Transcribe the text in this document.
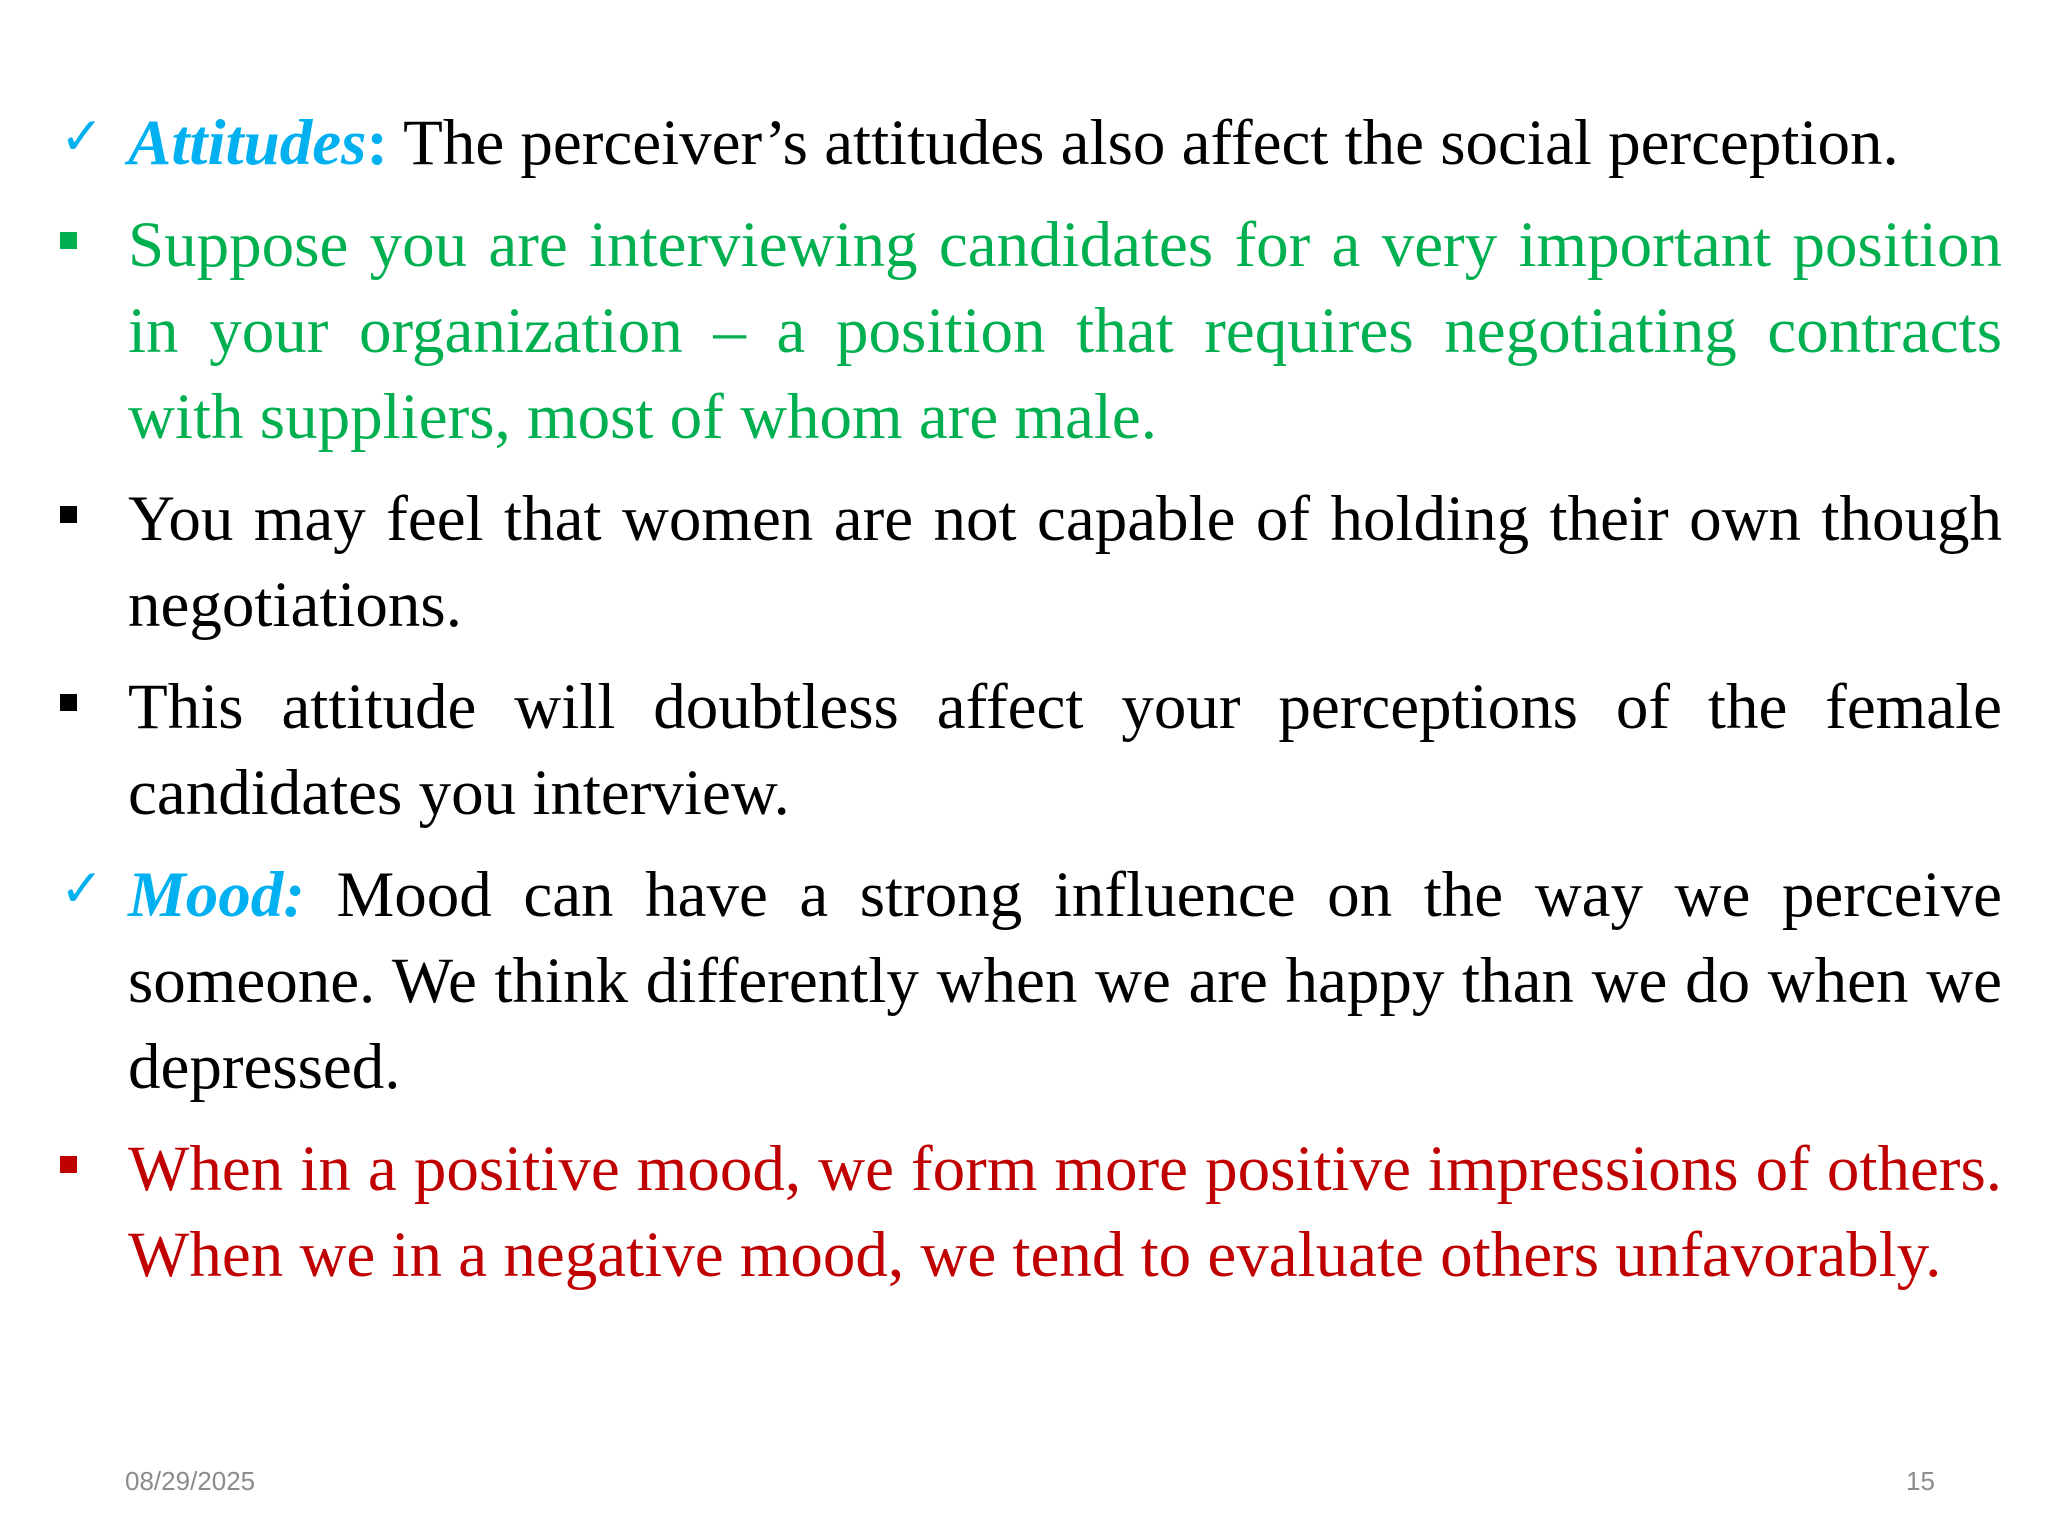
✓ Attitudes: The perceiver’s attitudes also affect the social perception.
Suppose you are interviewing candidates for a very important position in your organization – a position that requires negotiating contracts with suppliers, most of whom are male.
You may feel that women are not capable of holding their own though negotiations.
This attitude will doubtless affect your perceptions of the female candidates you interview.
✓ Mood: Mood can have a strong influence on the way we perceive someone. We think differently when we are happy than we do when we depressed.
When in a positive mood, we form more positive impressions of others. When we in a negative mood, we tend to evaluate others unfavorably.
08/29/2025	15
